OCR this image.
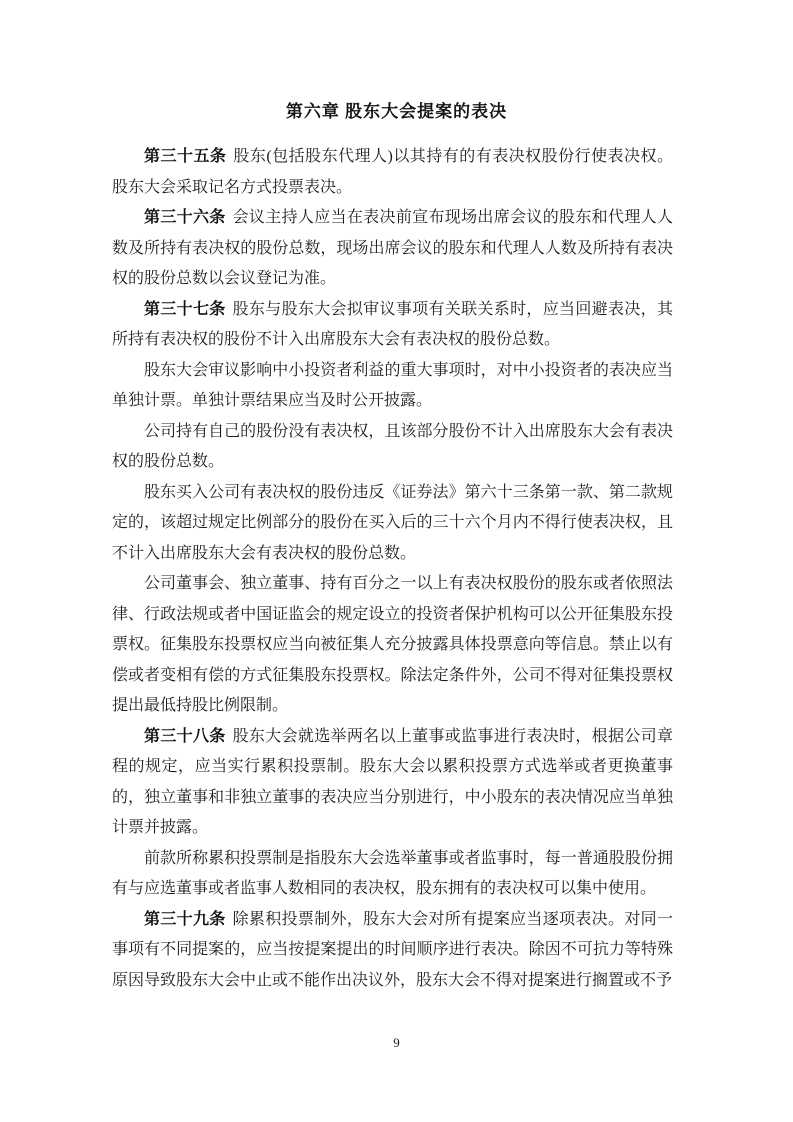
第六章 股东大会提案的表决

第三十五条 股东(包括股东代理人)以其持有的有表决权股份行使表决权。股东大会采取记名方式投票表决。

第三十六条 会议主持人应当在表决前宣布现场出席会议的股东和代理人人数及所持有表决权的股份总数，现场出席会议的股东和代理人人数及所持有表决权的股份总数以会议登记为准。

第三十七条 股东与股东大会拟审议事项有关联关系时，应当回避表决，其所持有表决权的股份不计入出席股东大会有表决权的股份总数。

股东大会审议影响中小投资者利益的重大事项时，对中小投资者的表决应当单独计票。单独计票结果应当及时公开披露。

公司持有自己的股份没有表决权，且该部分股份不计入出席股东大会有表决权的股份总数。

股东买入公司有表决权的股份违反《证券法》第六十三条第一款、第二款规定的，该超过规定比例部分的股份在买入后的三十六个月内不得行使表决权，且不计入出席股东大会有表决权的股份总数。

公司董事会、独立董事、持有百分之一以上有表决权股份的股东或者依照法律、行政法规或者中国证监会的规定设立的投资者保护机构可以公开征集股东投票权。征集股东投票权应当向被征集人充分披露具体投票意向等信息。禁止以有偿或者变相有偿的方式征集股东投票权。除法定条件外，公司不得对征集投票权提出最低持股比例限制。

第三十八条 股东大会就选举两名以上董事或监事进行表决时，根据公司章程的规定，应当实行累积投票制。股东大会以累积投票方式选举或者更换董事的，独立董事和非独立董事的表决应当分别进行，中小股东的表决情况应当单独计票并披露。

前款所称累积投票制是指股东大会选举董事或者监事时，每一普通股股份拥有与应选董事或者监事人数相同的表决权，股东拥有的表决权可以集中使用。

第三十九条 除累积投票制外，股东大会对所有提案应当逐项表决。对同一事项有不同提案的，应当按提案提出的时间顺序进行表决。除因不可抗力等特殊原因导致股东大会中止或不能作出决议外，股东大会不得对提案进行搁置或不予

9
